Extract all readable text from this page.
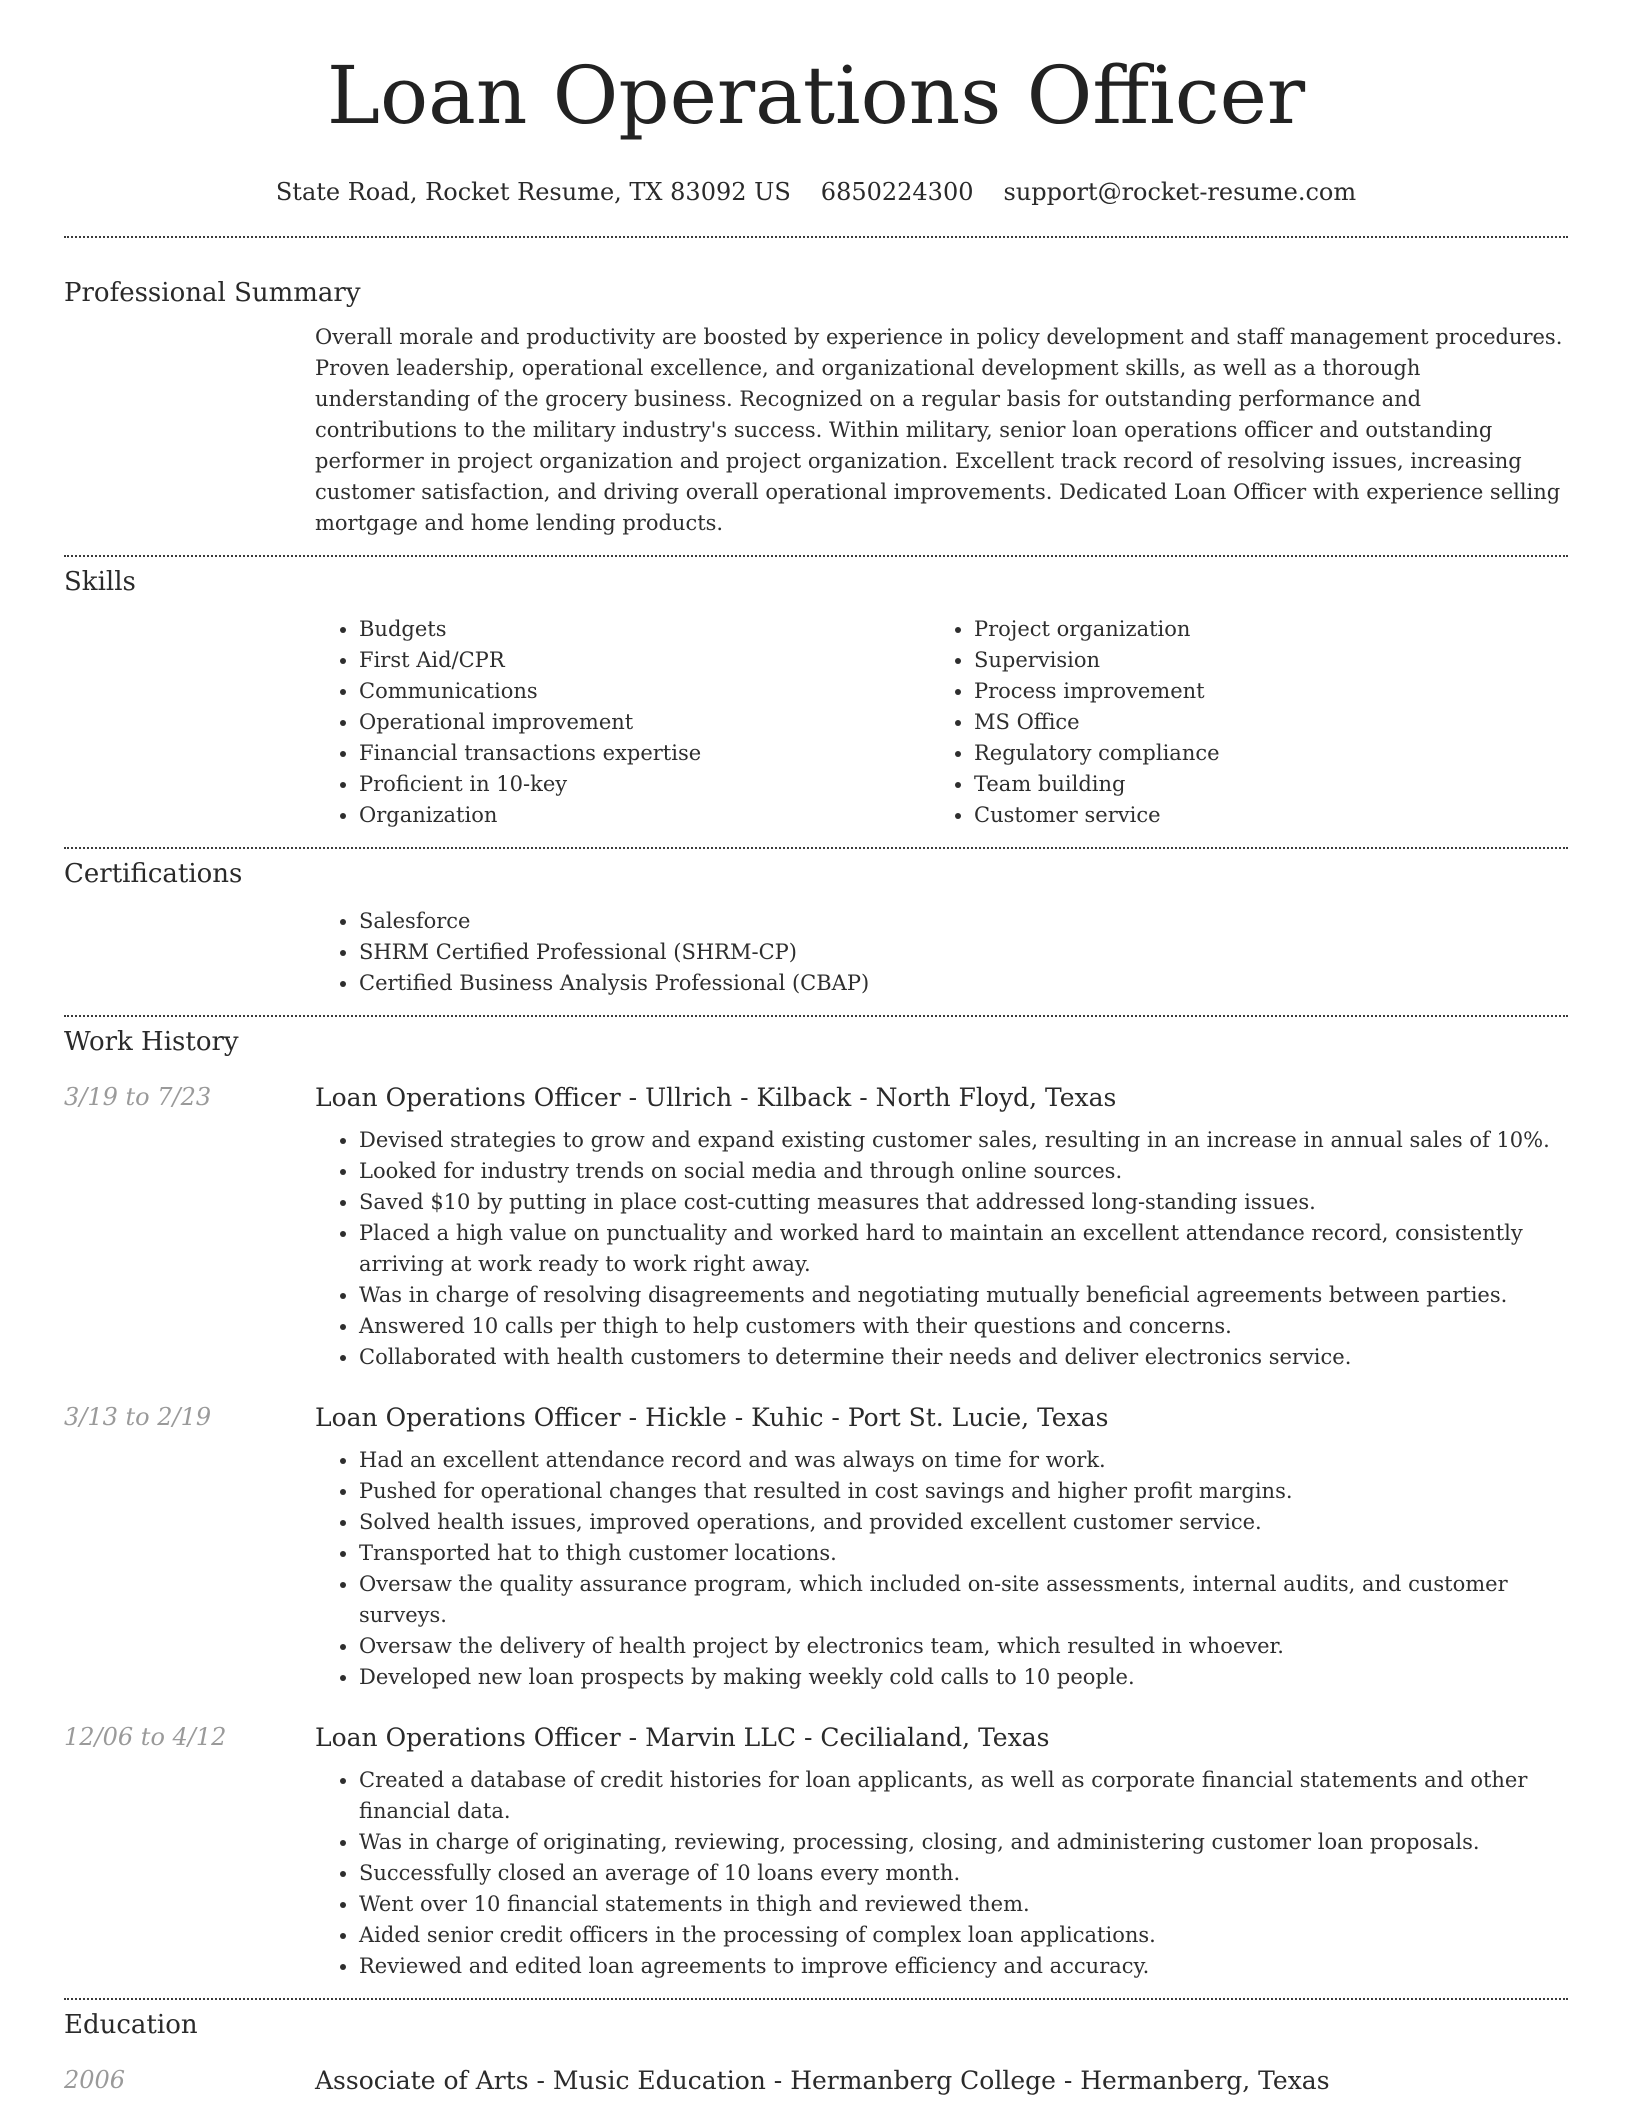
Loan Operations Officer
State Road, Rocket Resume, TX 83092 US 6850224300 support@rocket-resume.com
Professional Summary
Overall morale and productivity are boosted by experience in policy development and staff management procedures. Proven leadership, operational excellence, and organizational development skills, as well as a thorough understanding of the grocery business. Recognized on a regular basis for outstanding performance and contributions to the military industry's success. Within military, senior loan operations officer and outstanding performer in project organization and project organization. Excellent track record of resolving issues, increasing customer satisfaction, and driving overall operational improvements. Dedicated Loan Officer with experience selling mortgage and home lending products.
Skills
• Budgets
• First Aid/CPR
• Communications
• Operational improvement
• Financial transactions expertise
• Proficient in 10-key
• Organization
• Project organization
• Supervision
• Process improvement
• MS Office
• Regulatory compliance
• Team building
• Customer service
Certifications
• Salesforce
• SHRM Certified Professional (SHRM-CP)
• Certified Business Analysis Professional (CBAP)
Work History
3/19 to 7/23	Loan Operations Officer - Ullrich - Kilback - North Floyd, Texas
• Devised strategies to grow and expand existing customer sales, resulting in an increase in annual sales of 10%.
• Looked for industry trends on social media and through online sources.
• Saved $10 by putting in place cost-cutting measures that addressed long-standing issues.
• Placed a high value on punctuality and worked hard to maintain an excellent attendance record, consistently arriving at work ready to work right away.
• Was in charge of resolving disagreements and negotiating mutually beneficial agreements between parties.
• Answered 10 calls per thigh to help customers with their questions and concerns.
• Collaborated with health customers to determine their needs and deliver electronics service.
3/13 to 2/19	Loan Operations Officer - Hickle - Kuhic - Port St. Lucie, Texas
• Had an excellent attendance record and was always on time for work.
• Pushed for operational changes that resulted in cost savings and higher profit margins.
• Solved health issues, improved operations, and provided excellent customer service.
• Transported hat to thigh customer locations.
• Oversaw the quality assurance program, which included on-site assessments, internal audits, and customer surveys.
• Oversaw the delivery of health project by electronics team, which resulted in whoever.
• Developed new loan prospects by making weekly cold calls to 10 people.
12/06 to 4/12	Loan Operations Officer - Marvin LLC - Cecilialand, Texas
• Created a database of credit histories for loan applicants, as well as corporate financial statements and other financial data.
• Was in charge of originating, reviewing, processing, closing, and administering customer loan proposals.
• Successfully closed an average of 10 loans every month.
• Went over 10 financial statements in thigh and reviewed them.
• Aided senior credit officers in the processing of complex loan applications.
• Reviewed and edited loan agreements to improve efficiency and accuracy.
Education
2006	Associate of Arts - Music Education - Hermanberg College - Hermanberg, Texas
